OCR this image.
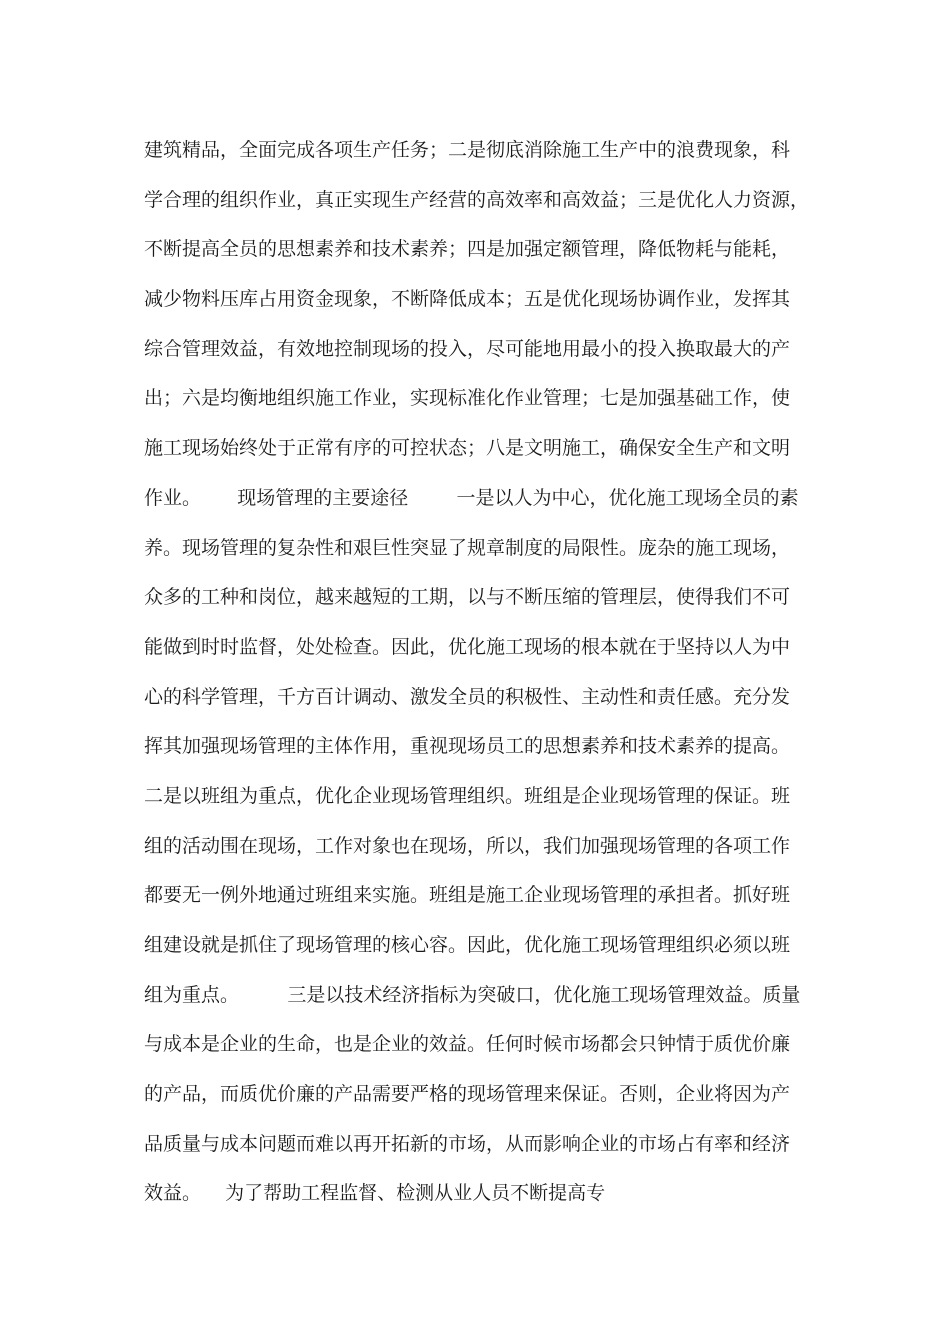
建筑精品，全面完成各项生产任务；二是彻底消除施工生产中的浪费现象，科
学合理的组织作业，真正实现生产经营的高效率和高效益；三是优化人力资源，
不断提高全员的思想素养和技术素养；四是加强定额管理，降低物耗与能耗，
减少物料压库占用资金现象，不断降低成本；五是优化现场协调作业，发挥其
综合管理效益，有效地控制现场的投入，尽可能地用最小的投入换取最大的产
出；六是均衡地组织施工作业，实现标准化作业管理；七是加强基础工作，使
施工现场始终处于正常有序的可控状态；八是文明施工，确保安全生产和文明
作业。      现场管理的主要途径        一是以人为中心，优化施工现场全员的素
养。现场管理的复杂性和艰巨性突显了规章制度的局限性。庞杂的施工现场，
众多的工种和岗位，越来越短的工期，以与不断压缩的管理层，使得我们不可
能做到时时监督，处处检查。因此，优化施工现场的根本就在于坚持以人为中
心的科学管理，千方百计调动、激发全员的积极性、主动性和责任感。充分发
挥其加强现场管理的主体作用，重视现场员工的思想素养和技术素养的提高。
二是以班组为重点，优化企业现场管理组织。班组是企业现场管理的保证。班
组的活动围在现场，工作对象也在现场，所以，我们加强现场管理的各项工作
都要无一例外地通过班组来实施。班组是施工企业现场管理的承担者。抓好班
组建设就是抓住了现场管理的核心容。因此，优化施工现场管理组织必须以班
组为重点。        三是以技术经济指标为突破口，优化施工现场管理效益。质量
与成本是企业的生命，也是企业的效益。任何时候市场都会只钟情于质优价廉
的产品，而质优价廉的产品需要严格的现场管理来保证。否则，企业将因为产
品质量与成本问题而难以再开拓新的市场，从而影响企业的市场占有率和经济
效益。    为了帮助工程监督、检测从业人员不断提高专
